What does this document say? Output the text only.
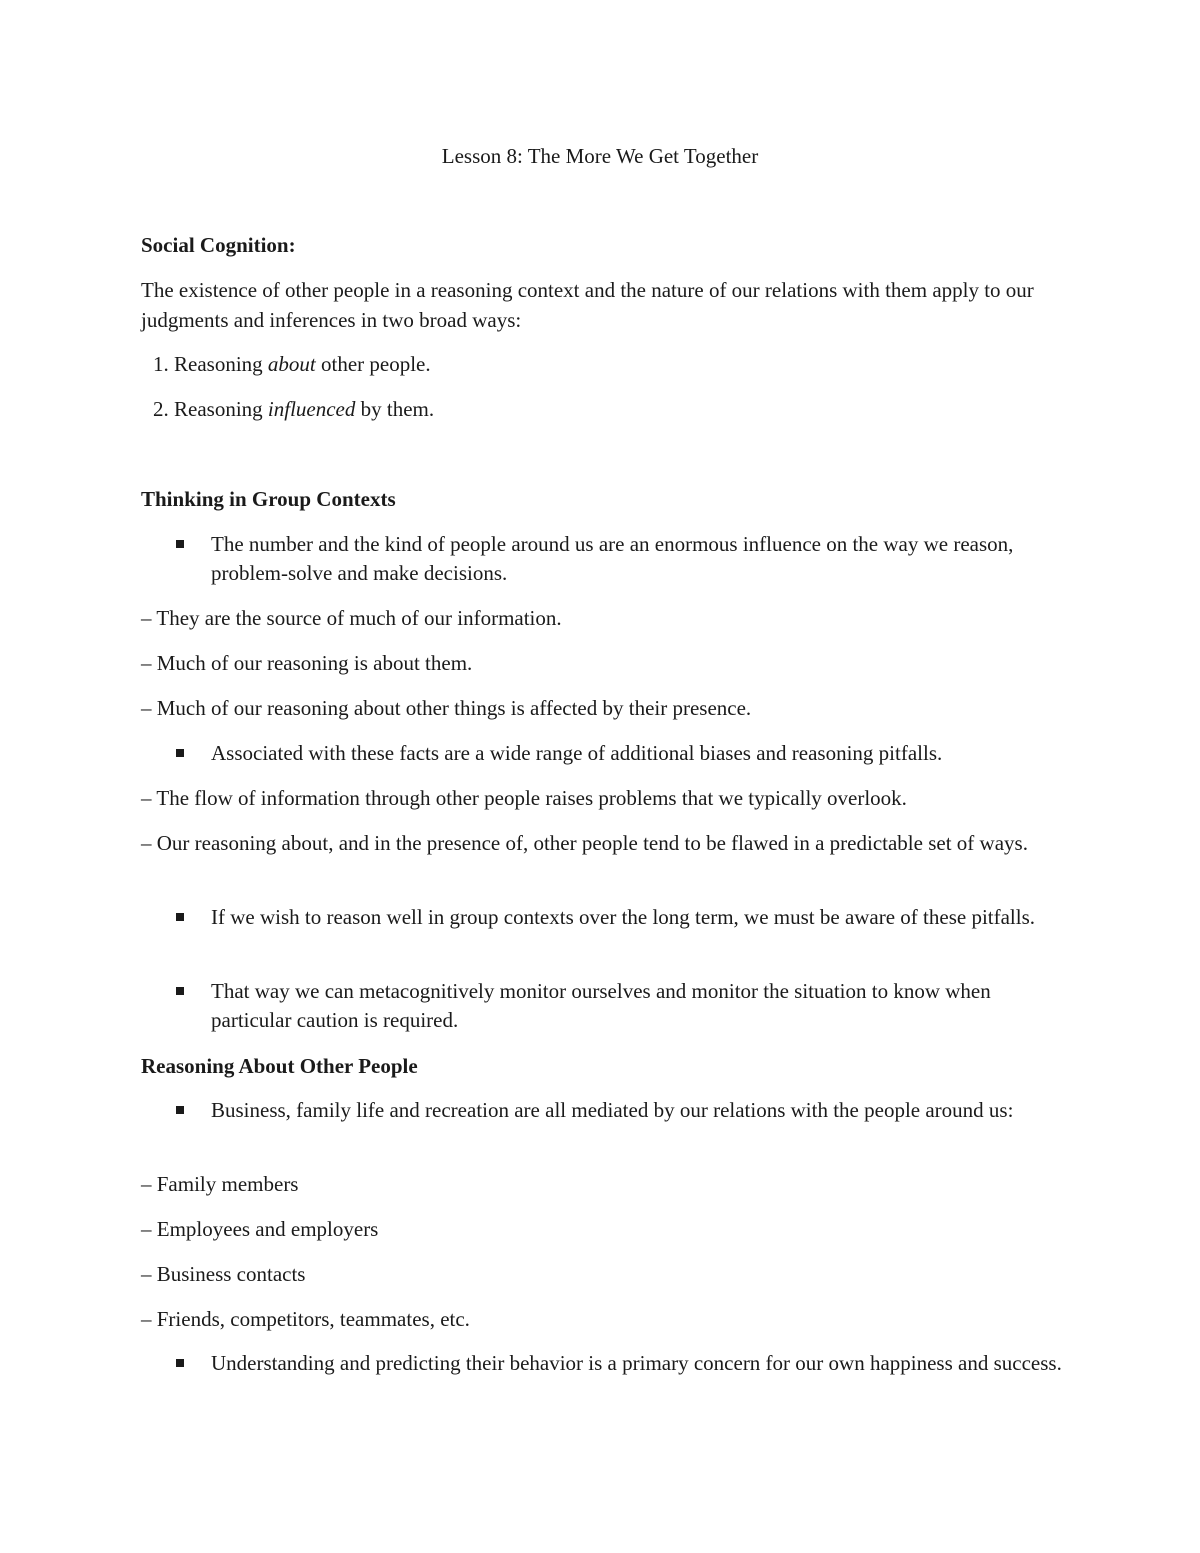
Lesson 8: The More We Get Together
Social Cognition:
The existence of other people in a reasoning context and the nature of our relations with them apply to our judgments and inferences in two broad ways:
1. Reasoning about other people.
2. Reasoning influenced by them.
Thinking in Group Contexts
The number and the kind of people around us are an enormous influence on the way we reason, problem-solve and make decisions.
– They are the source of much of our information.
– Much of our reasoning is about them.
– Much of our reasoning about other things is affected by their presence.
Associated with these facts are a wide range of additional biases and reasoning pitfalls.
– The flow of information through other people raises problems that we typically overlook.
– Our reasoning about, and in the presence of, other people tend to be flawed in a predictable set of ways.
If we wish to reason well in group contexts over the long term, we must be aware of these pitfalls.
That way we can metacognitively monitor ourselves and monitor the situation to know when particular caution is required.
Reasoning About Other People
Business, family life and recreation are all mediated by our relations with the people around us:
– Family members
– Employees and employers
– Business contacts
– Friends, competitors, teammates, etc.
Understanding and predicting their behavior is a primary concern for our own happiness and success.
